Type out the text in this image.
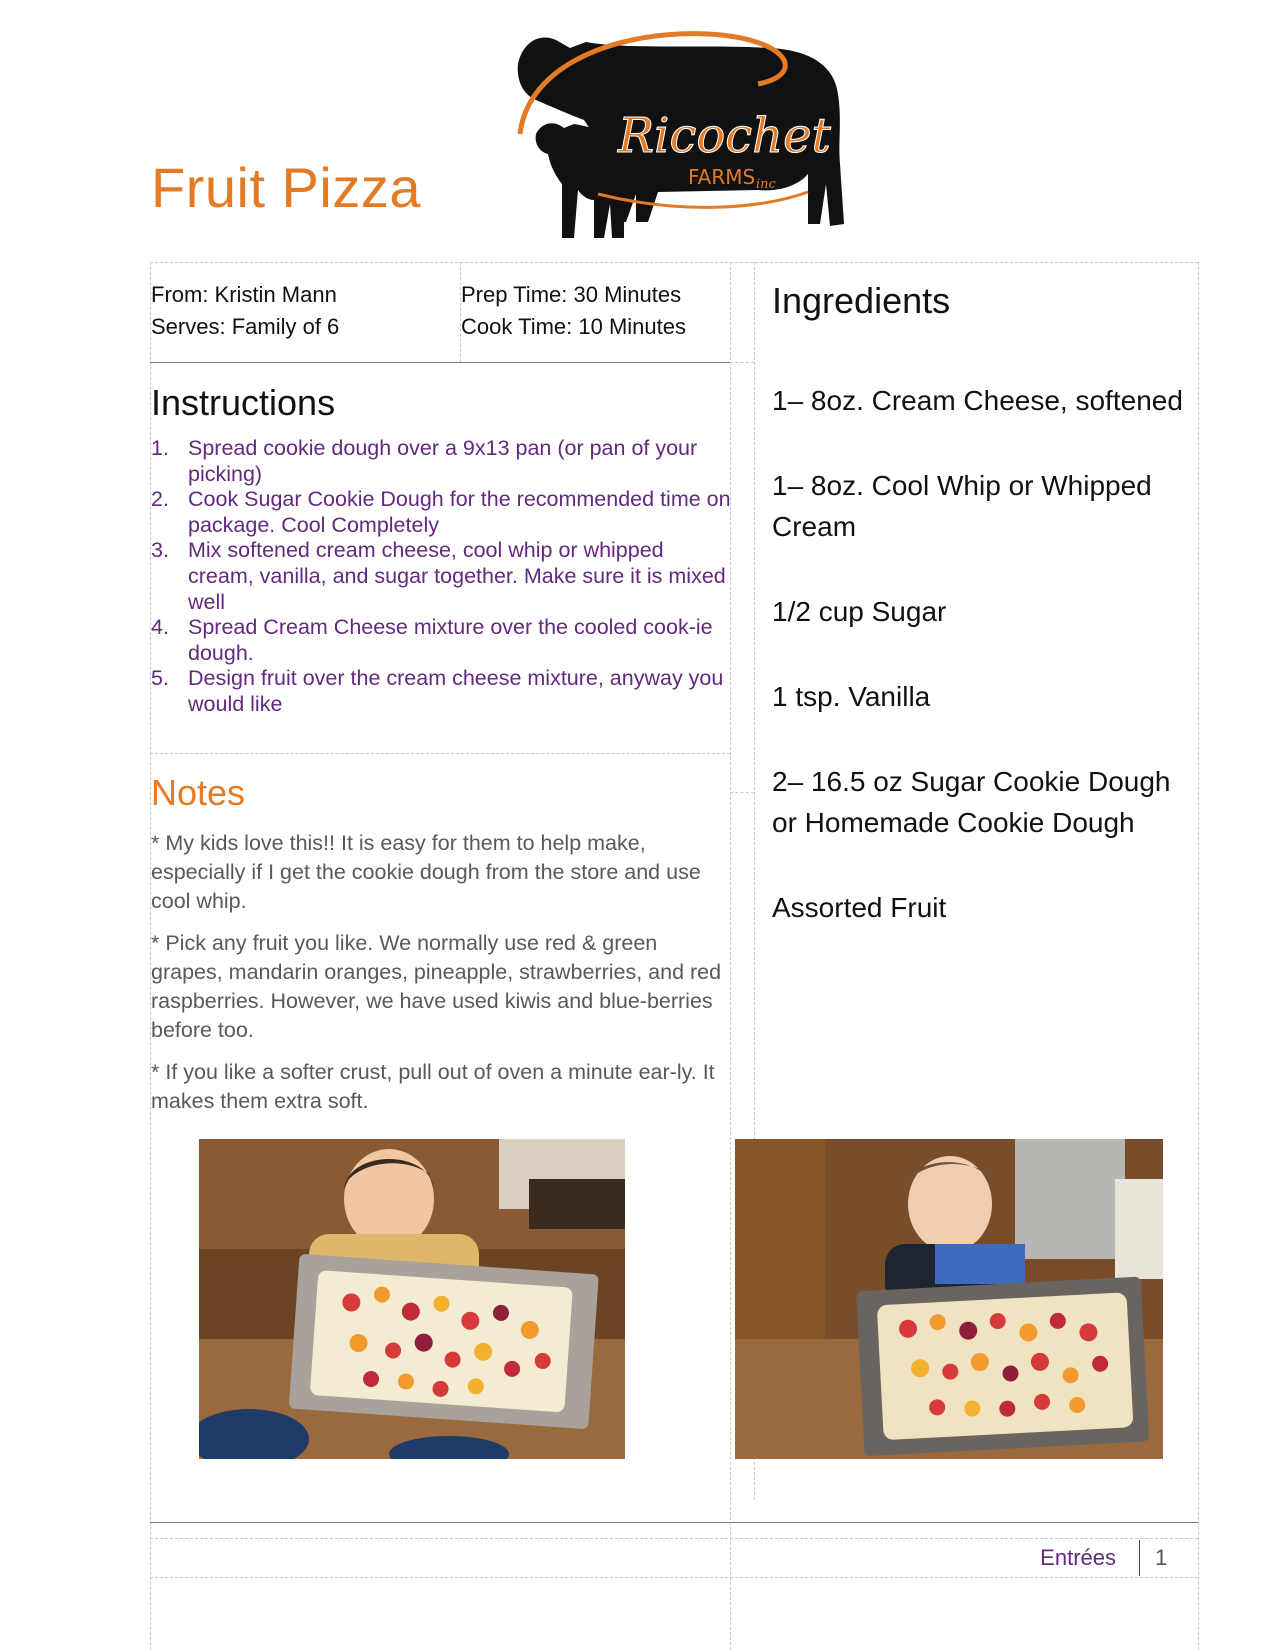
Fruit Pizza
Ricochet
FARMS inc
From: Kristin Mann
Serves: Family of 6
Prep Time: 30 Minutes
Cook Time: 10 Minutes
Instructions
1. Spread cookie dough over a 9x13 pan (or pan of your picking)
2. Cook Sugar Cookie Dough for the recommended time on package. Cool Completely
3. Mix softened cream cheese, cool whip or whipped cream, vanilla, and sugar together. Make sure it is mixed well
4. Spread Cream Cheese mixture over the cooled cook-ie dough.
5. Design fruit over the cream cheese mixture, anyway you would like
Notes

* My kids love this!! It is easy for them to help make, especially if I get the cookie dough from the store and use cool whip.

* Pick any fruit you like. We normally use red & green grapes, mandarin oranges, pineapple, strawberries, and red raspberries. However, we have used kiwis and blue-berries before too.

* If you like a softer crust, pull out of oven a minute ear-ly. It makes them extra soft.

Ingredients
1– 8oz. Cream Cheese, softened
1– 8oz. Cool Whip or Whipped Cream
1/2 cup Sugar
1 tsp. Vanilla
2– 16.5 oz Sugar Cookie Dough or Homemade Cookie Dough
Assorted Fruit
Entrées 1
